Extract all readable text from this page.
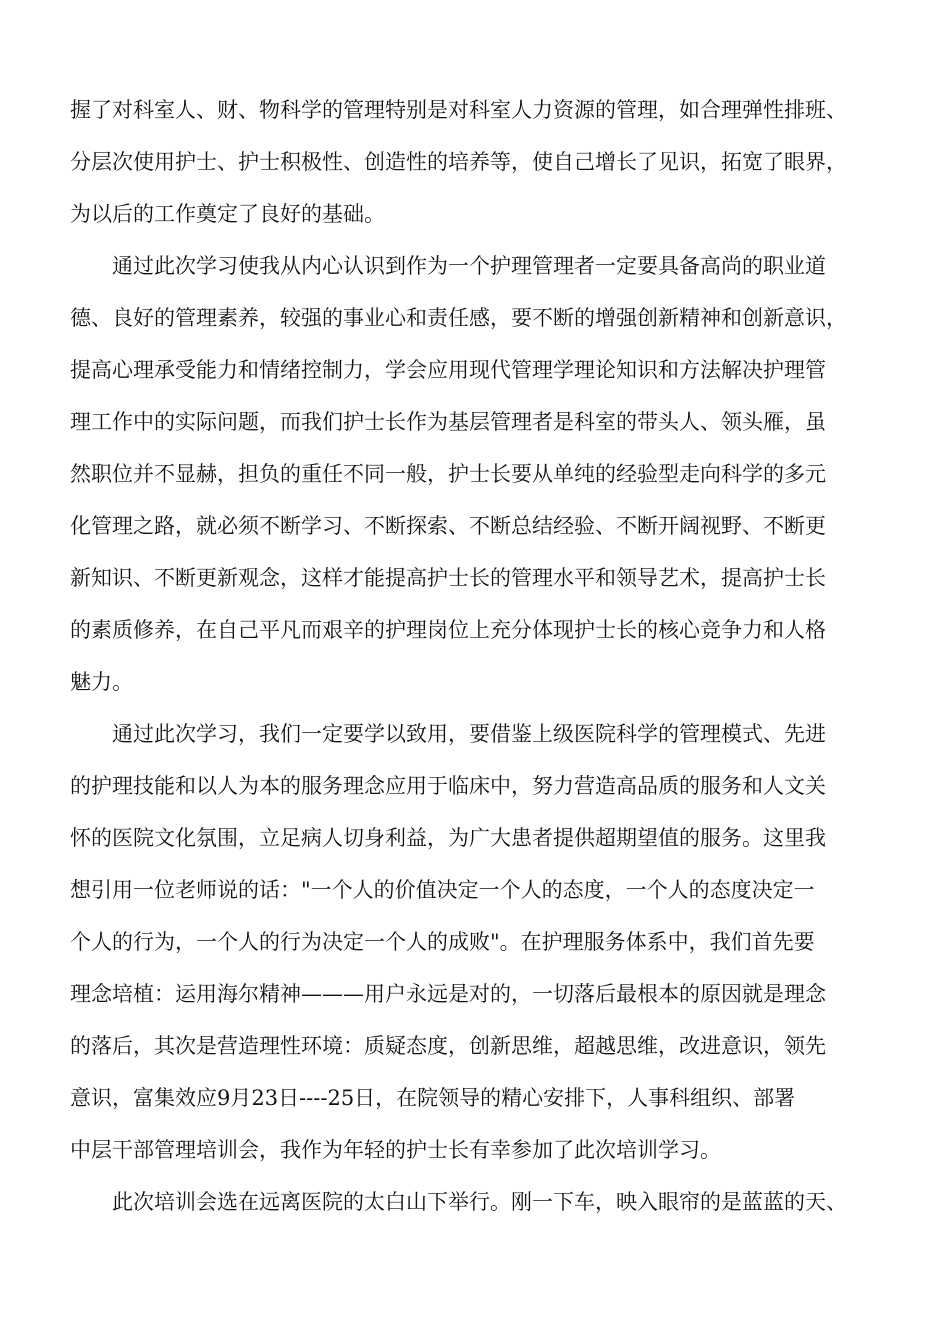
握了对科室人、财、物科学的管理特别是对科室人力资源的管理，如合理弹性排班、
分层次使用护士、护士积极性、创造性的培养等，使自己增长了见识，拓宽了眼界，
为以后的工作奠定了良好的基础。
通过此次学习使我从内心认识到作为一个护理管理者一定要具备高尚的职业道
德、良好的管理素养，较强的事业心和责任感，要不断的增强创新精神和创新意识，
提高心理承受能力和情绪控制力，学会应用现代管理学理论知识和方法解决护理管
理工作中的实际问题，而我们护士长作为基层管理者是科室的带头人、领头雁，虽
然职位并不显赫，担负的重任不同一般，护士长要从单纯的经验型走向科学的多元
化管理之路，就必须不断学习、不断探索、不断总结经验、不断开阔视野、不断更
新知识、不断更新观念，这样才能提高护士长的管理水平和领导艺术，提高护士长
的素质修养，在自己平凡而艰辛的护理岗位上充分体现护士长的核心竞争力和人格
魅力。
通过此次学习，我们一定要学以致用，要借鉴上级医院科学的管理模式、先进
的护理技能和以人为本的服务理念应用于临床中，努力营造高品质的服务和人文关
怀的医院文化氛围，立足病人切身利益，为广大患者提供超期望值的服务。这里我
想引用一位老师说的话："一个人的价值决定一个人的态度，一个人的态度决定一
个人的行为，一个人的行为决定一个人的成败"。在护理服务体系中，我们首先要
理念培植：运用海尔精神———用户永远是对的，一切落后最根本的原因就是理念
的落后，其次是营造理性环境：质疑态度，创新思维，超越思维，改进意识，领先
意识，富集效应9月23日----25日，在院领导的精心安排下，人事科组织、部署
中层干部管理培训会，我作为年轻的护士长有幸参加了此次培训学习。
此次培训会选在远离医院的太白山下举行。刚一下车，映入眼帘的是蓝蓝的天、
